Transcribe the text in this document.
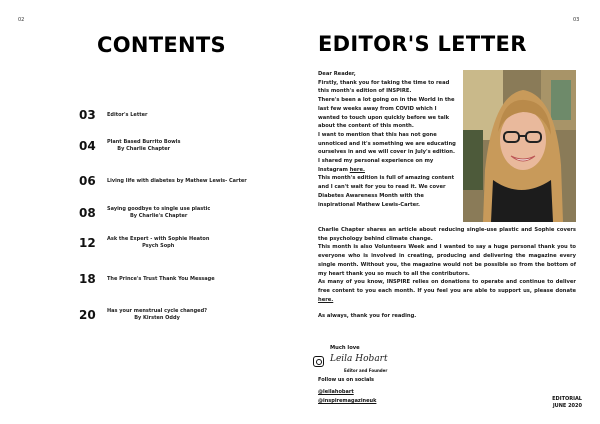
02
CONTENTS
03	Editor's Letter
04	Plant Based Burrito Bowls
By Charlie Chapter
06	Living life with diabetes by Mathew Lewis- Carter
08	Saying goodbye to single use plastic
By Charlie's Chapter
12	Ask the Expert - with Sophie Heaton
Psych Soph
18	The Prince's Trust Thank You Message
20	Has your menstrual cycle changed?
By Kirsten Oddy
03
EDITOR'S LETTER

Dear Reader,

Firstly, thank you for taking the time to read this month's edition of INSPIRE.

There's been a lot going on in the World in the last few weeks away from COVID which I wanted to touch upon quickly before we talk about the content of this month.

I want to mention that this has not gone unnoticed and it's something we are educating ourselves in and we will cover in July's edition. I shared my personal experience on my Instagram here.

This month's edition is full of amazing content and I can't wait for you to read it. We cover Diabetes Awareness Month with the inspirational Mathew Lewis-Carter.

Charlie Chapter shares an article about reducing single-use plastic and Sophie covers the psychology behind climate change.

This month is also Volunteers Week and I wanted to say a huge personal thank you to everyone who is involved in creating, producing and delivering the magazine every single month. Without you, the magazine would not be possible so from the bottom of my heart thank you so much to all the contributors.

As many of you know, INSPIRE relies on donations to operate and continue to deliver free content to you each month. If you feel you are able to support us, please donate here.

As always, thank you for reading.

Much love
Leila Hobart
Editor and Founder
Follow us on socials
@leilahobart
@inspiremagazineuk	EDITORIAL
JUNE 2020
